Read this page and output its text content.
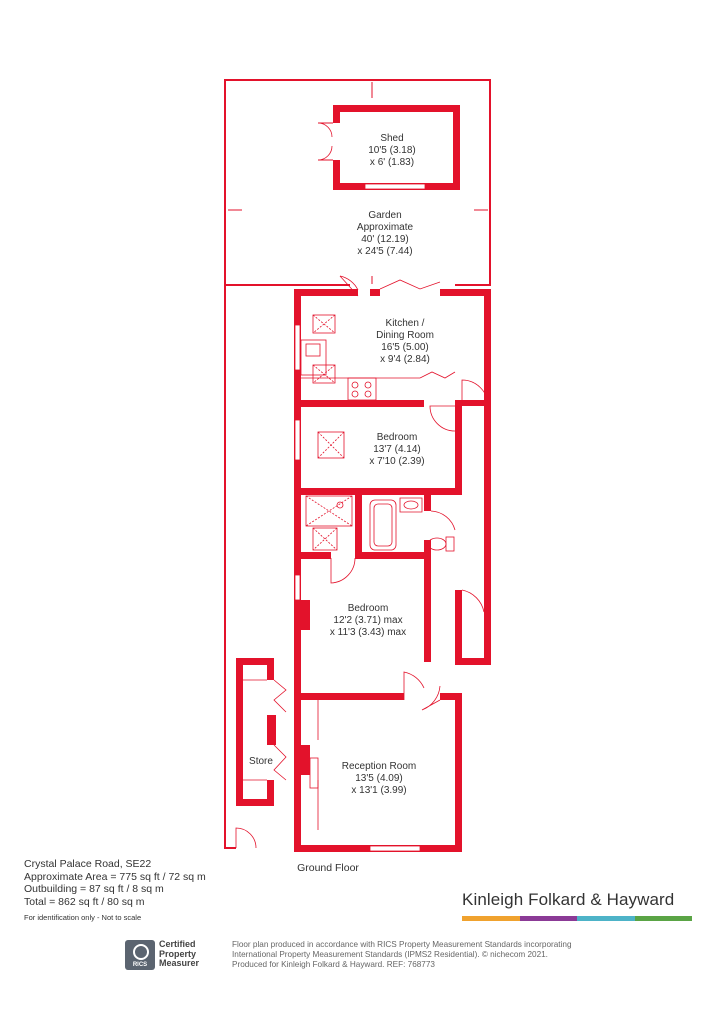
Shed
10'5 (3.18)
x 6' (1.83)
Garden
Approximate
40' (12.19)
x 24'5 (7.44)
Kitchen /
Dining Room
16'5 (5.00)
x 9'4 (2.84)
Bedroom
13'7 (4.14)
x 7'10 (2.39)
Bedroom
12'2 (3.71) max
x 11'3 (3.43) max
Reception Room
13'5 (4.09)
x 13'1 (3.99)
Store
Ground Floor
Crystal Palace Road, SE22
Approximate Area = 775 sq ft / 72 sq m
Outbuilding = 87 sq ft / 8 sq m
Total = 862 sq ft / 80 sq m
For identification only - Not to scale
Kinleigh Folkard & Hayward
RICS
Certified
Property
Measurer
Floor plan produced in accordance with RICS Property Measurement Standards incorporating
International Property Measurement Standards (IPMS2 Residential). © nichecom 2021.
Produced for Kinleigh Folkard & Hayward. REF: 768773
